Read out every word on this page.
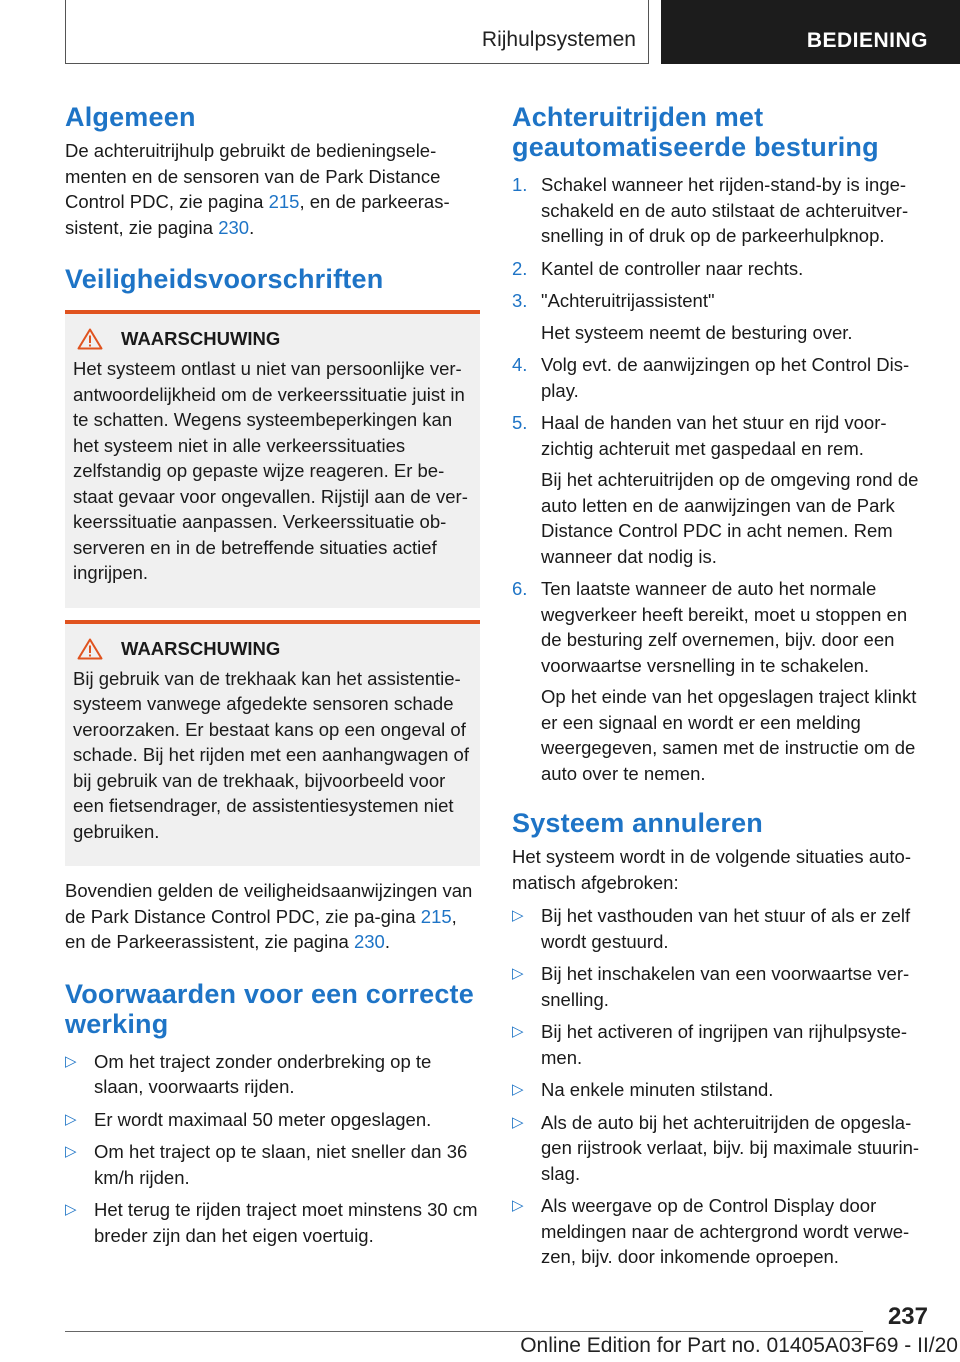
Rijhulpsystemen	BEDIENING
Algemeen

De achteruitrijhulp gebruikt de bedieningsele-menten en de sensoren van de Park Distance Control PDC, zie pagina 215, en de parkeeras-sistent, zie pagina 230.

Veiligheidsvoorschriften
WAARSCHUWING

Het systeem ontlast u niet van persoonlijke ver-antwoordelijkheid om de verkeerssituatie juist in te schatten. Wegens systeembeperkingen kan het systeem niet in alle verkeerssituaties zelfstandig op gepaste wijze reageren. Er be-staat gevaar voor ongevallen. Rijstijl aan de ver-keerssituatie aanpassen. Verkeerssituatie ob-serveren en in de betreffende situaties actief ingrijpen.

WAARSCHUWING

Bij gebruik van de trekhaak kan het assistentie-systeem vanwege afgedekte sensoren schade veroorzaken. Er bestaat kans op een ongeval of schade. Bij het rijden met een aanhangwagen of bij gebruik van de trekhaak, bijvoorbeeld voor een fietsendrager, de assistentiesystemen niet gebruiken.

Bovendien gelden de veiligheidsaanwijzingen van de Park Distance Control PDC, zie pa-gina 215, en de Parkeerassistent, zie pagina 230.

Voorwaarden voor een correcte werking
▷ Om het traject zonder onderbreking op te slaan, voorwaarts rijden.
▷ Er wordt maximaal 50 meter opgeslagen.
▷ Om het traject op te slaan, niet sneller dan 36 km/h rijden.
▷ Het terug te rijden traject moet minstens 30 cm breder zijn dan het eigen voertuig.
Achteruitrijden met geautomatiseerde besturing
1. Schakel wanneer het rijden-stand-by is inge-schakeld en de auto stilstaat de achteruitver-snelling in of druk op de parkeerhulpknop.
2. Kantel de controller naar rechts.
3. "Achteruitrijassistent"
Het systeem neemt de besturing over.
4. Volg evt. de aanwijzingen op het Control Dis-play.
5. Haal de handen van het stuur en rijd voor-zichtig achteruit met gaspedaal en rem.
Bij het achteruitrijden op de omgeving rond de auto letten en de aanwijzingen van de Park Distance Control PDC in acht nemen. Rem wanneer dat nodig is.
6. Ten laatste wanneer de auto het normale wegverkeer heeft bereikt, moet u stoppen en de besturing zelf overnemen, bijv. door een voorwaartse versnelling in te schakelen.
Op het einde van het opgeslagen traject klinkt er een signaal en wordt er een melding weergegeven, samen met de instructie om de auto over te nemen.
Systeem annuleren

Het systeem wordt in de volgende situaties auto-matisch afgebroken:

▷ Bij het vasthouden van het stuur of als er zelf wordt gestuurd.
▷ Bij het inschakelen van een voorwaartse ver-snelling.
▷ Bij het activeren of ingrijpen van rijhulpsyste-men.
▷ Na enkele minuten stilstand.
▷ Als de auto bij het achteruitrijden de opgesla-gen rijstrook verlaat, bijv. bij maximale stuurin-slag.
▷ Als weergave op de Control Display door meldingen naar de achtergrond wordt verwe-zen, bijv. door inkomende oproepen.
237
Online Edition for Part no. 01405A03F69 - II/20
